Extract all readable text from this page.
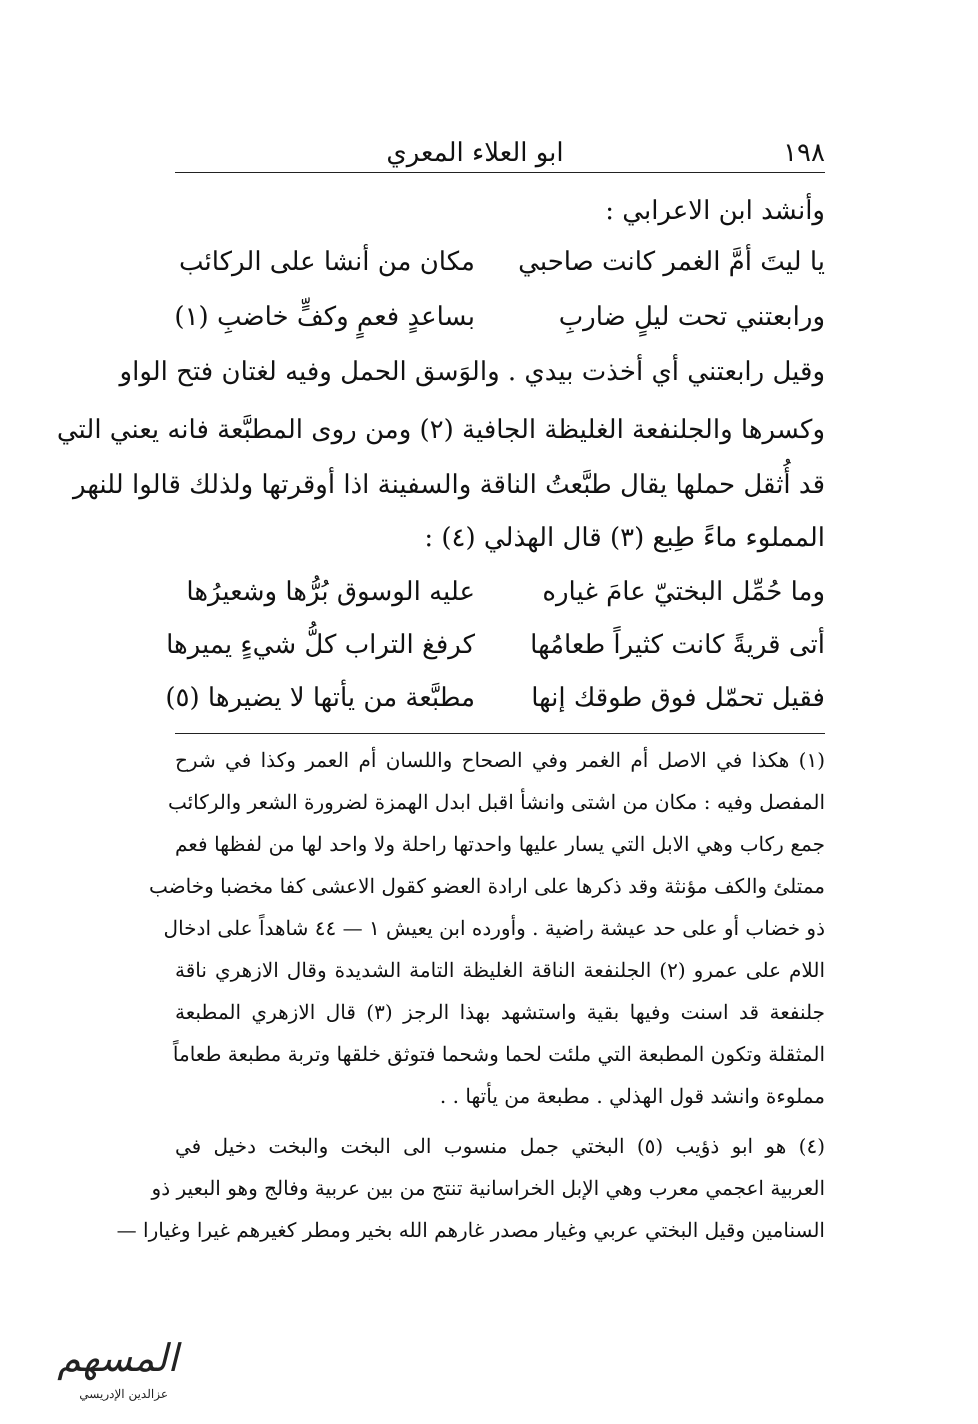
١٩٨
ابو العلاء المعري
وأنشد ابن الاعرابي :
يا ليتَ أمَّ الغمر كانت صاحبي
مكان من أنشا على الركائب
ورابعتني تحت ليلٍ ضاربِ
بساعدٍ فعمٍ وكفٍّ خاضبِ (١)
وقيل رابعتني أي أخذت بيدي . والوَسق الحمل وفيه لغتان فتح الواو
وكسرها والجلنفعة الغليظة الجافية (٢) ومن روى المطبَّعة فانه يعني التي
قد أُثقل حملها يقال طبَّعتُ الناقة والسفينة اذا أوقرتها ولذلك قالوا للنهر
المملوء ماءً طِبع (٣) قال الهذلي (٤) :
وما حُمِّل البختيّ عامَ غياره
عليه الوسوق بُرُّها وشعيرُها
أتى قريةً كانت كثيراً طعامُها
كرفغ التراب كلُّ شيءٍ يميرها
فقيل تحمّل فوق طوقك إنها
مطبَّعة من يأتها لا يضيرها (٥)
(١) هكذا في الاصل أم الغمر وفي الصحاح واللسان أم العمر وكذا في شرح
المفصل وفيه : مكان من اشتى وانشأ اقبل ابدل الهمزة لضرورة الشعر والركائب
جمع ركاب وهي الابل التي يسار عليها واحدتها راحلة ولا واحد لها من لفظها فعم
ممتلئ والكف مؤنثة وقد ذكرها على ارادة العضو كقول الاعشى كفا مخضبا وخاضب
ذو خضاب أو على حد عيشة راضية . وأورده ابن يعيش ١ — ٤٤ شاهداً على ادخال
اللام على عمرو (٢) الجلنفعة الناقة الغليظة التامة الشديدة وقال الازهري ناقة
جلنفعة قد اسنت وفيها بقية واستشهد بهذا الرجز (٣) قال الازهري المطبعة
المثقلة وتكون المطبعة التي ملئت لحما وشحما فتوثق خلقها وتربة مطبعة طعاماً
مملوءة وانشد قول الهذلي . مطبعة من يأتها . .
(٤) هو ابو ذؤيب (٥) البختي جمل منسوب الى البخت والبخت دخيل في
العربية اعجمي معرب وهي الإبل الخراسانية تنتج من بين عربية وفالج وهو البعير ذو
السنامين وقيل البختي عربي وغيار مصدر غارهم الله بخير ومطر كغيرهم غيرا وغيارا —
المسهم
عزالدين الإدريسي
